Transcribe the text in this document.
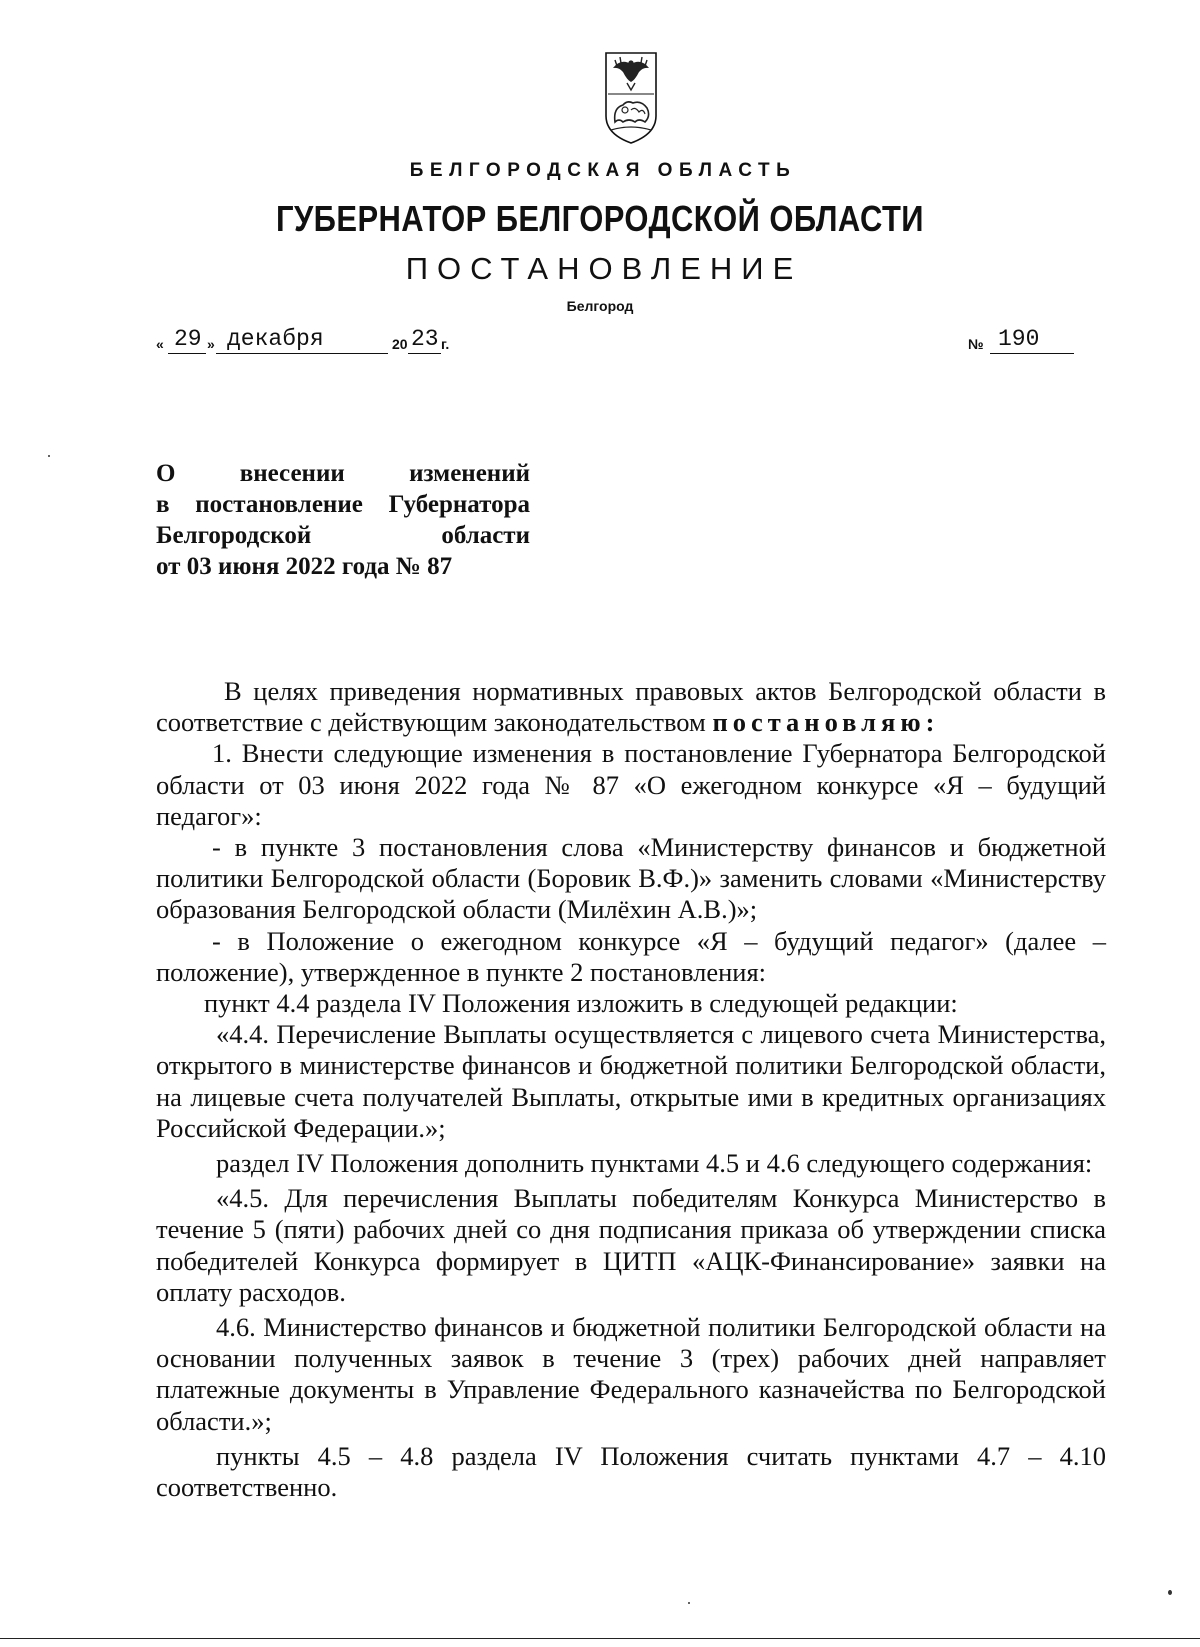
БЕЛГОРОДСКАЯ ОБЛАСТЬ
ГУБЕРНАТОР БЕЛГОРОДСКОЙ ОБЛАСТИ
ПОСТАНОВЛЕНИЕ
Белгород
« 29 » декабря	20 23 г.	№ 190
О	внесении	изменений
в постановление Губернатора
Белгородской	области
от 03 июня 2022 года № 87

В целях приведения нормативных правовых актов Белгородской области в соответствие с действующим законодательством постановляю:

1. Внести следующие изменения в постановление Губернатора Белгородской области от 03 июня 2022 года № 87 «О ежегодном конкурсе «Я – будущий педагог»:

- в пункте 3 постановления слова «Министерству финансов и бюджетной политики Белгородской области (Боровик В.Ф.)» заменить словами «Министерству образования Белгородской области (Милёхин А.В.)»;

- в Положение о ежегодном конкурсе «Я – будущий педагог» (далее – положение), утвержденное в пункте 2 постановления:

пункт 4.4 раздела IV Положения изложить в следующей редакции:

«4.4. Перечисление Выплаты осуществляется с лицевого счета Министерства, открытого в министерстве финансов и бюджетной политики Белгородской области, на лицевые счета получателей Выплаты, открытые ими в кредитных организациях Российской Федерации.»;

раздел IV Положения дополнить пунктами 4.5 и 4.6 следующего содержания:

«4.5. Для перечисления Выплаты победителям Конкурса Министерство в течение 5 (пяти) рабочих дней со дня подписания приказа об утверждении списка победителей Конкурса формирует в ЦИТП «АЦК-Финансирование» заявки на оплату расходов.

4.6. Министерство финансов и бюджетной политики Белгородской области на основании полученных заявок в течение 3 (трех) рабочих дней направляет платежные документы в Управление Федерального казначейства по Белгородской области.»;

пункты 4.5 – 4.8 раздела IV Положения считать пунктами 4.7 – 4.10 соответственно.
